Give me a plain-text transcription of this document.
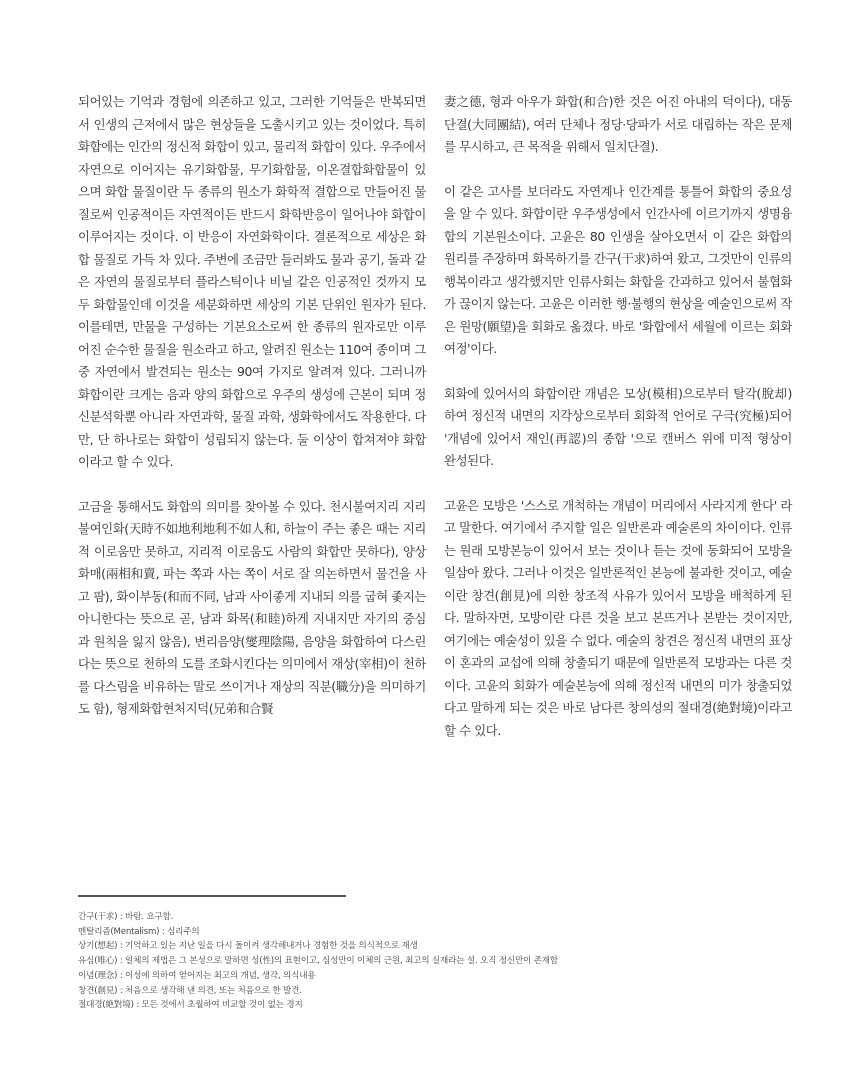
되어있는 기억과 경험에 의존하고 있고, 그러한 기억들은 반복되면서 인생의 근저에서 많은 현상들을 도출시키고 있는 것이었다. 특히 화합에는 인간의 정신적 화합이 있고, 물리적 화합이 있다. 우주에서 자연으로 이어지는 유기화합물, 무기화합물, 이온결합화합물이 있으며 화합 물질이란 두 종류의 원소가 화학적 결합으로 만들어진 물질로써 인공적이든 자연적이든 반드시 화학반응이 일어나야 화합이 이루어지는 것이다. 이 반응이 자연화학이다. 결론적으로 세상은 화합 물질로 가득 차 있다. 주변에 조금만 들러봐도 물과 공기, 돌과 같은 자연의 물질로부터 플라스틱이나 비닐 같은 인공적인 것까지 모두 화합물인데 이것을 세분화하면 세상의 기본 단위인 원자가 된다. 이를테면, 만물을 구성하는 기본요소로써 한 종류의 원자로만 이루어진 순수한 물질을 원소라고 하고, 알려진 원소는 110여 종이며 그 중 자연에서 발견되는 원소는 90여 가지로 알려져 있다. 그러니까 화합이란 크게는 음과 양의 화합으로 우주의 생성에 근본이 되며 정신분석학뿐 아니라 자연과학, 물질 과학, 생화학에서도 작용한다. 다만, 단 하나로는 화합이 성립되지 않는다. 둘 이상이 합쳐져야 화합이라고 할 수 있다.

고금을 통해서도 화합의 의미를 찾아볼 수 있다. 천시불여지리 지리불여인화(天時不如地利地利不如人和, 하늘이 주는 좋은 때는 지리적 이로움만 못하고, 지리적 이로움도 사람의 화합만 못하다), 양상화매(兩相和賣, 파는 쪽과 사는 쪽이 서로 잘 의논하면서 물건을 사고 팜), 화이부동(和而不同, 남과 사이좋게 지내되 의를 굽혀 좇지는 아니한다는 뜻으로 곧, 남과 화목(和睦)하게 지내지만 자기의 중심과 원칙을 잃지 않음), 변리음양(燮理陰陽, 음양을 화합하여 다스린다는 뜻으로 천하의 도를 조화시킨다는 의미에서 재상(宰相)이 천하를 다스림을 비유하는 말로 쓰이거나 재상의 직분(職分)을 의미하기도 함), 형제화합현처지덕(兄弟和合賢

妻之德, 형과 아우가 화합(和合)한 것은 어진 아내의 덕이다), 대동단결(大同團結), 여러 단체나 정당·당파가 서로 대립하는 작은 문제를 무시하고, 큰 목적을 위해서 일치단결).

이 같은 고사를 보더라도 자연계나 인간계를 통틀어 화합의 중요성을 알 수 있다. 화합이란 우주생성에서 인간사에 이르기까지 생명융합의 기본원소이다. 고윤은 80 인생을 살아오면서 이 같은 화합의 원리를 주장하며 화목하기를 간구(干求)하여 왔고, 그것만이 인류의 행복이라고 생각했지만 인류사회는 화합을 간과하고 있어서 불협화가 끊이지 않는다. 고윤은 이러한 행·불행의 현상을 예술인으로써 작은 원망(願望)을 회화로 옮겼다. 바로 '화합에서 세월에 이르는 회화 여정'이다.

회화에 있어서의 화합이란 개념은 모상(模相)으로부터 탈각(脫却)하여 정신적 내면의 지각상으로부터 회화적 언어로 구극(究極)되어 '개념에 있어서 재인(再認)의 종합 '으로 캔버스 위에 미적 형상이 완성된다.

고윤은 모방은 '스스로 개척하는 개념이 머리에서 사라지게 한다' 라고 말한다. 여기에서 주지할 일은 일반론과 예술론의 차이이다. 인류는 원래 모방본능이 있어서 보는 것이나 듣는 것에 동화되어 모방을 일삼아 왔다. 그러나 이것은 일반론적인 본능에 불과한 것이고, 예술이란 창견(創見)에 의한 창조적 사유가 있어서 모방을 배척하게 된다. 말하자면, 모방이란 다른 것을 보고 본뜨거나 본받는 것이지만, 여기에는 예술성이 있을 수 없다. 예술의 창견은 정신적 내면의 표상이 혼과의 교섭에 의해 창출되기 때문에 일반론적 모방과는 다른 것이다. 고윤의 회화가 예술본능에 의해 정신적 내면의 미가 창출되었다고 말하게 되는 것은 바로 남다른 창의성의 절대경(絶對境)이라고 할 수 있다.

간구(干求) : 바람. 요구함.
멘탈리즘(Mentalism) : 심리주의
상기(想起) : 기억하고 있는 지난 일을 다시 돌이켜 생각해내거나 경험한 것을 의식적으로 재생
유심(唯心) : 일체의 제법은 그 본성으로 말하면 성(性)의 표현이고, 심성만이 이체의 근원, 최고의 실재라는 설. 오직 정신만이 존재함
이념(理念) : 이성에 의하여 얻어지는 최고의 개념, 생각, 의식내용
창견(創見) : 처음으로 생각해 낸 의견, 또는 처음으로 한 발견.
절대경(絶對境) : 모든 것에서 초월하여 비교할 것이 없는 경지
